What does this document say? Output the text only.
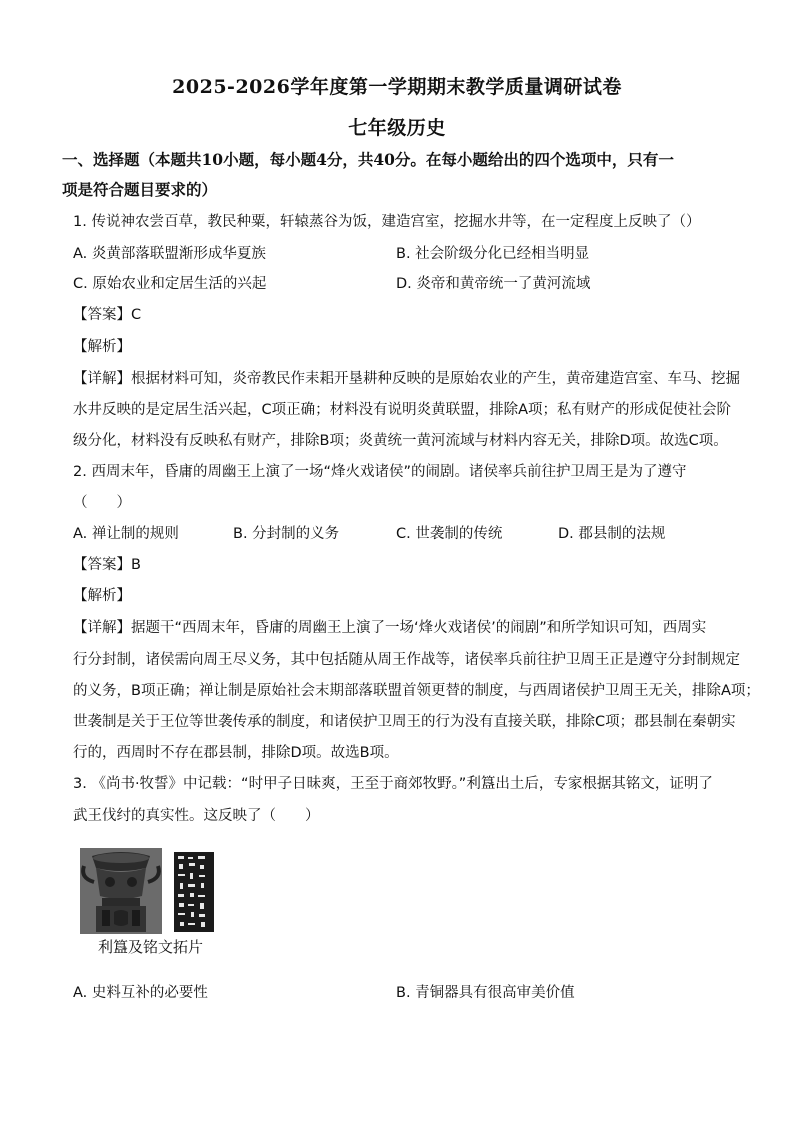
2025-2026学年度第一学期期末教学质量调研试卷
七年级历史
一、选择题（本题共10小题，每小题4分，共40分。在每小题给出的四个选项中，只有一
项是符合题目要求的）
1. 传说神农尝百草，教民种粟，轩辕蒸谷为饭，建造宫室，挖掘水井等，在一定程度上反映了（）
A. 炎黄部落联盟渐形成华夏族	B. 社会阶级分化已经相当明显
C. 原始农业和定居生活的兴起	D. 炎帝和黄帝统一了黄河流域
【答案】C
【解析】
【详解】根据材料可知，炎帝教民作耒耜开垦耕种反映的是原始农业的产生，黄帝建造宫室、车马、挖掘
水井反映的是定居生活兴起，C项正确；材料没有说明炎黄联盟，排除A项；私有财产的形成促使社会阶
级分化，材料没有反映私有财产，排除B项；炎黄统一黄河流域与材料内容无关，排除D项。故选C项。
2. 西周末年，昏庸的周幽王上演了一场“烽火戏诸侯”的闹剧。诸侯率兵前往护卫周王是为了遵守
（　　）
A. 禅让制的规则	B. 分封制的义务	C. 世袭制的传统	D. 郡县制的法规
【答案】B
【解析】
【详解】据题干“西周末年，昏庸的周幽王上演了一场‘烽火戏诸侯’的闹剧”和所学知识可知，西周实
行分封制，诸侯需向周王尽义务，其中包括随从周王作战等，诸侯率兵前往护卫周王正是遵守分封制规定
的义务，B项正确；禅让制是原始社会末期部落联盟首领更替的制度，与西周诸侯护卫周王无关，排除A项；
世袭制是关于王位等世袭传承的制度，和诸侯护卫周王的行为没有直接关联，排除C项；郡县制在秦朝实
行的，西周时不存在郡县制，排除D项。故选B项。
3. 《尚书·牧誓》中记载：“时甲子日昧爽，王至于商郊牧野。”利簋出土后，专家根据其铭文，证明了
武王伐纣的真实性。这反映了（　　）
利簋及铭文拓片
A. 史料互补的必要性	B. 青铜器具有很高审美价值
